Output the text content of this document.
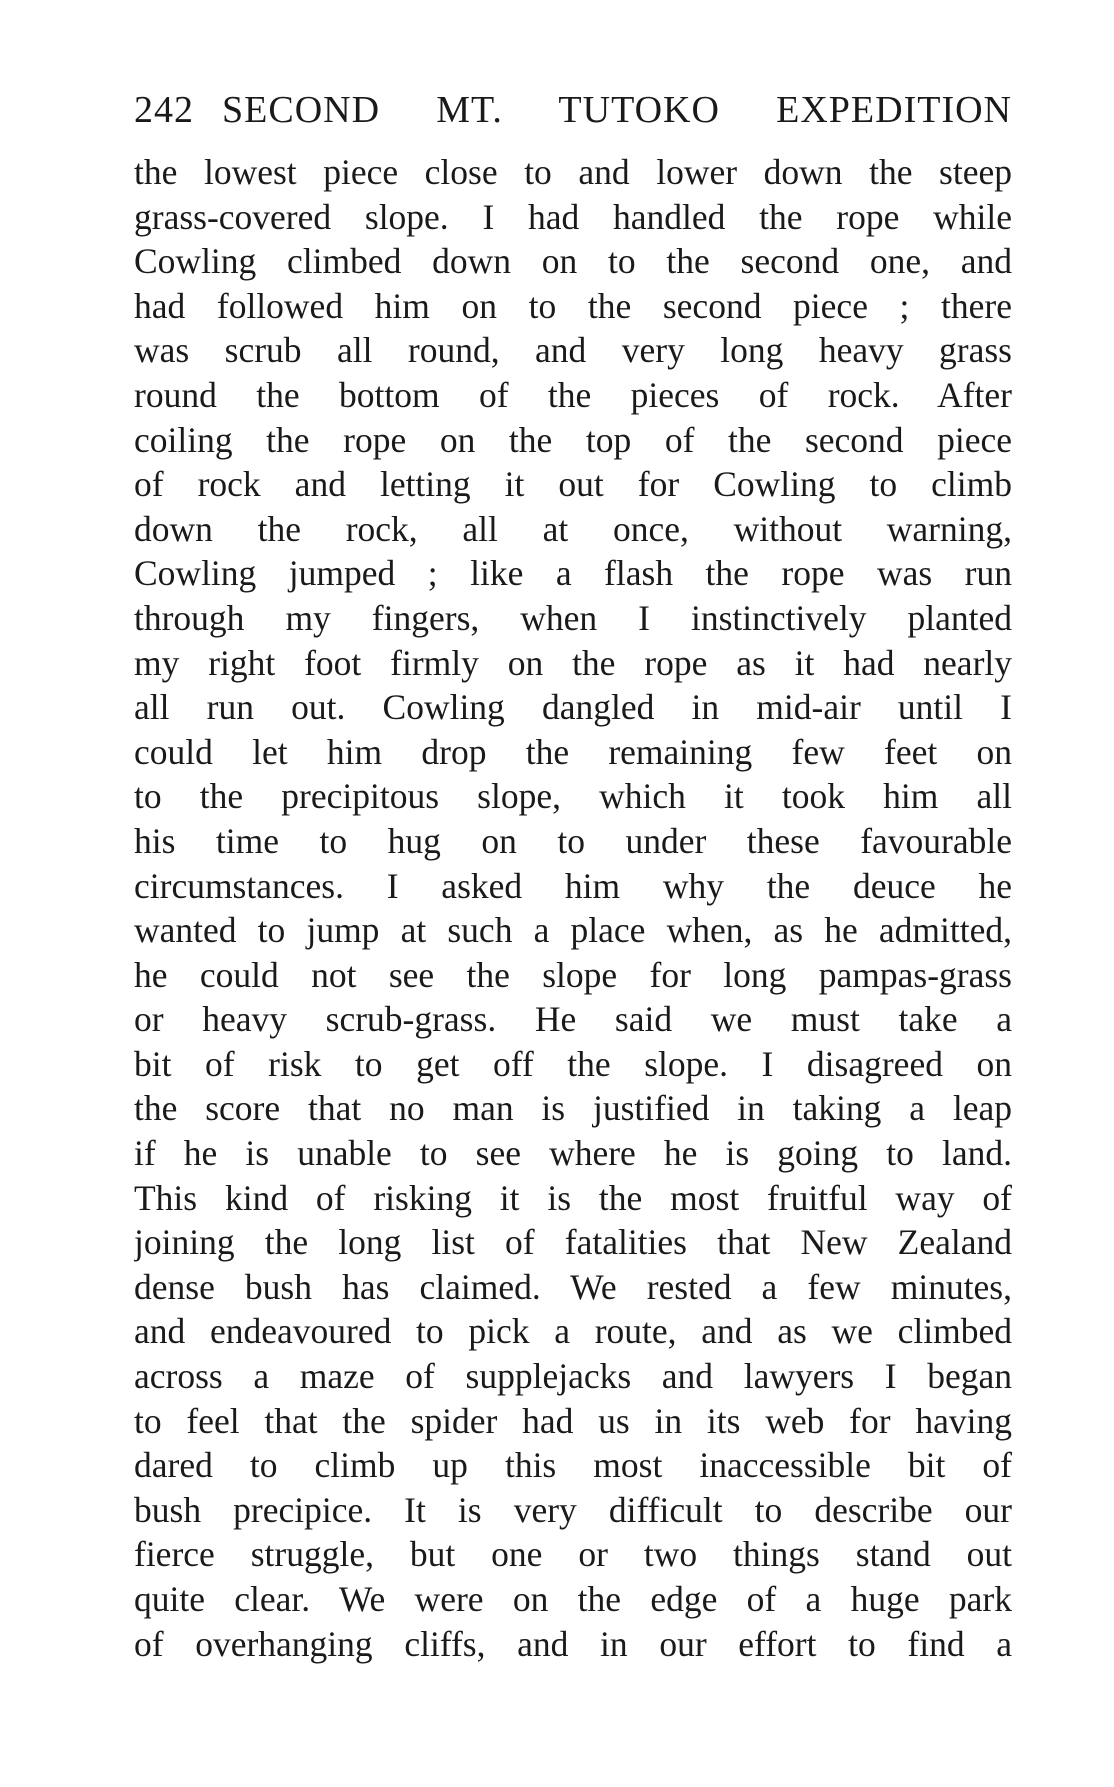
242 SECOND MT. TUTOKO EXPEDITION
the lowest piece close to and lower down the steep
grass-covered slope. I had handled the rope while
Cowling climbed down on to the second one, and
had followed him on to the second piece ; there
was scrub all round, and very long heavy grass
round the bottom of the pieces of rock. After
coiling the rope on the top of the second piece
of rock and letting it out for Cowling to climb
down the rock, all at once, without warning,
Cowling jumped ; like a flash the rope was run
through my fingers, when I instinctively planted
my right foot firmly on the rope as it had nearly
all run out. Cowling dangled in mid-air until I
could let him drop the remaining few feet on
to the precipitous slope, which it took him all
his time to hug on to under these favourable
circumstances. I asked him why the deuce he
wanted to jump at such a place when, as he admitted,
he could not see the slope for long pampas-grass
or heavy scrub-grass. He said we must take a
bit of risk to get off the slope. I disagreed on
the score that no man is justified in taking a leap
if he is unable to see where he is going to land.
This kind of risking it is the most fruitful way of
joining the long list of fatalities that New Zealand
dense bush has claimed. We rested a few minutes,
and endeavoured to pick a route, and as we climbed
across a maze of supplejacks and lawyers I began
to feel that the spider had us in its web for having
dared to climb up this most inaccessible bit of
bush precipice. It is very difficult to describe our
fierce struggle, but one or two things stand out
quite clear. We were on the edge of a huge park
of overhanging cliffs, and in our effort to find a
